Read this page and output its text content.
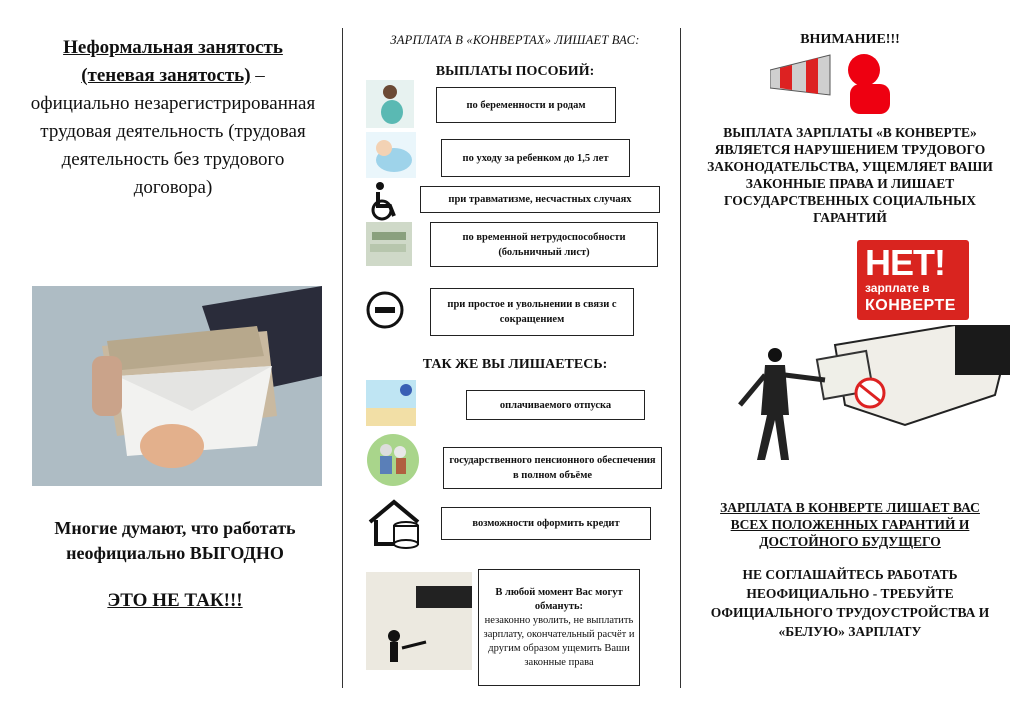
Неформальная занятость (теневая занятость) –
официально незарегистрированная трудовая деятельность (трудовая деятельность без трудового договора)
Многие думают, что работать неофициально ВЫГОДНО
ЭТО НЕ ТАК!!!
ЗАРПЛАТА В «КОНВЕРТАХ» ЛИШАЕТ ВАС:
ВЫПЛАТЫ ПОСОБИЙ:
по беременности и родам
по уходу за ребенком до 1,5 лет
при травматизме, несчастных случаях
по временной нетрудоспособности (больничный лист)
при простое и увольнении в связи с сокращением
ТАК ЖЕ ВЫ ЛИШАЕТЕСЬ:
оплачиваемого отпуска
государственного пенсионного обеспечения в полном объёме
возможности оформить кредит
В любой момент Вас могут обмануть:
незаконно уволить, не выплатить зарплату, окончательный расчёт и другим образом ущемить Ваши законные права
ВНИМАНИЕ!!!
ВЫПЛАТА ЗАРПЛАТЫ «В КОНВЕРТЕ» ЯВЛЯЕТСЯ НАРУШЕНИЕМ ТРУДОВОГО ЗАКОНОДАТЕЛЬСТВА, УЩЕМЛЯЕТ ВАШИ ЗАКОННЫЕ ПРАВА И ЛИШАЕТ ГОСУДАРСТВЕННЫХ СОЦИАЛЬНЫХ ГАРАНТИЙ
НЕТ!
зарплате в
КОНВЕРТЕ
ЗАРПЛАТА В КОНВЕРТЕ ЛИШАЕТ ВАС ВСЕХ ПОЛОЖЕННЫХ ГАРАНТИЙ И ДОСТОЙНОГО БУДУЩЕГО
НЕ СОГЛАШАЙТЕСЬ РАБОТАТЬ НЕОФИЦИАЛЬНО - ТРЕБУЙТЕ ОФИЦИАЛЬНОГО ТРУДОУСТРОЙСТВА И «БЕЛУЮ» ЗАРПЛАТУ
